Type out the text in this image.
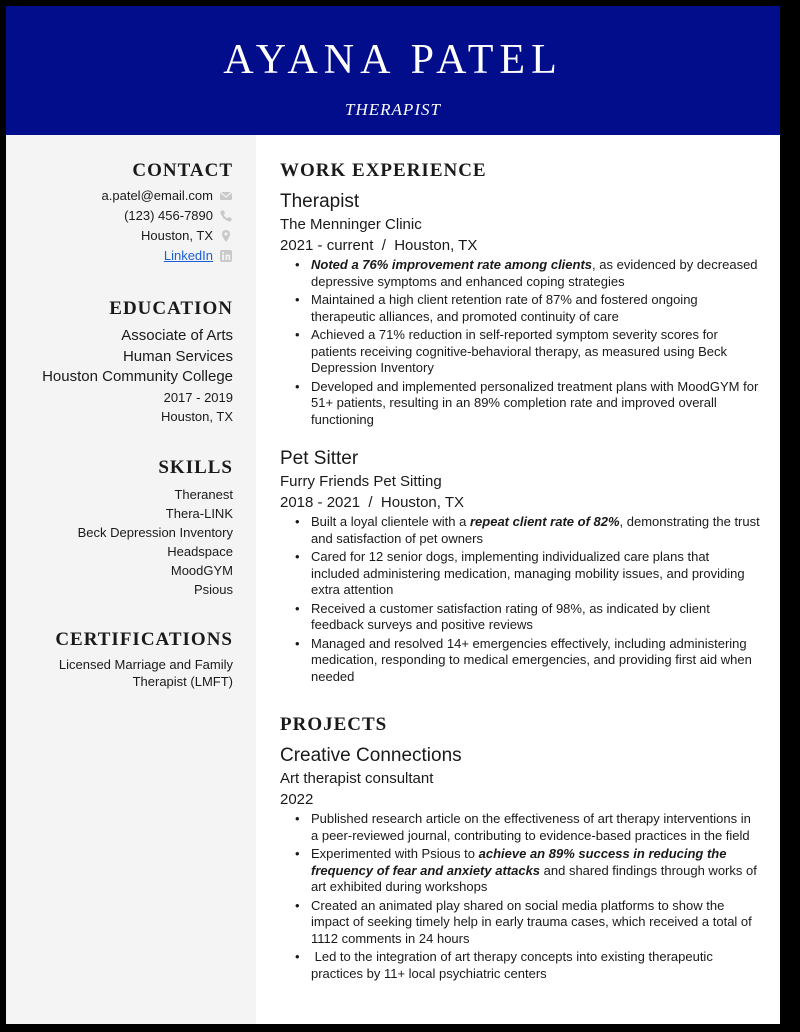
AYANA PATEL
THERAPIST
CONTACT
a.patel@email.com
(123) 456-7890
Houston, TX
LinkedIn
EDUCATION
Associate of Arts
Human Services
Houston Community College
2017 - 2019
Houston, TX
SKILLS
Theranest
Thera-LINK
Beck Depression Inventory
Headspace
MoodGYM
Psious
CERTIFICATIONS
Licensed Marriage and Family Therapist (LMFT)
WORK EXPERIENCE
Therapist
The Menninger Clinic
2021 - current  /  Houston, TX
• Noted a 76% improvement rate among clients, as evidenced by decreased depressive symptoms and enhanced coping strategies
• Maintained a high client retention rate of 87% and fostered ongoing therapeutic alliances, and promoted continuity of care
• Achieved a 71% reduction in self-reported symptom severity scores for patients receiving cognitive-behavioral therapy, as measured using Beck Depression Inventory
• Developed and implemented personalized treatment plans with MoodGYM for 51+ patients, resulting in an 89% completion rate and improved overall functioning
Pet Sitter
Furry Friends Pet Sitting
2018 - 2021  /  Houston, TX
• Built a loyal clientele with a repeat client rate of 82%, demonstrating the trust and satisfaction of pet owners
• Cared for 12 senior dogs, implementing individualized care plans that included administering medication, managing mobility issues, and providing extra attention
• Received a customer satisfaction rating of 98%, as indicated by client feedback surveys and positive reviews
• Managed and resolved 14+ emergencies effectively, including administering medication, responding to medical emergencies, and providing first aid when needed
PROJECTS
Creative Connections
Art therapist consultant
2022
• Published research article on the effectiveness of art therapy interventions in a peer-reviewed journal, contributing to evidence-based practices in the field
• Experimented with Psious to achieve an 89% success in reducing the frequency of fear and anxiety attacks and shared findings through works of art exhibited during workshops
• Created an animated play shared on social media platforms to show the impact of seeking timely help in early trauma cases, which received a total of 1112 comments in 24 hours
•  Led to the integration of art therapy concepts into existing therapeutic practices by 11+ local psychiatric centers
